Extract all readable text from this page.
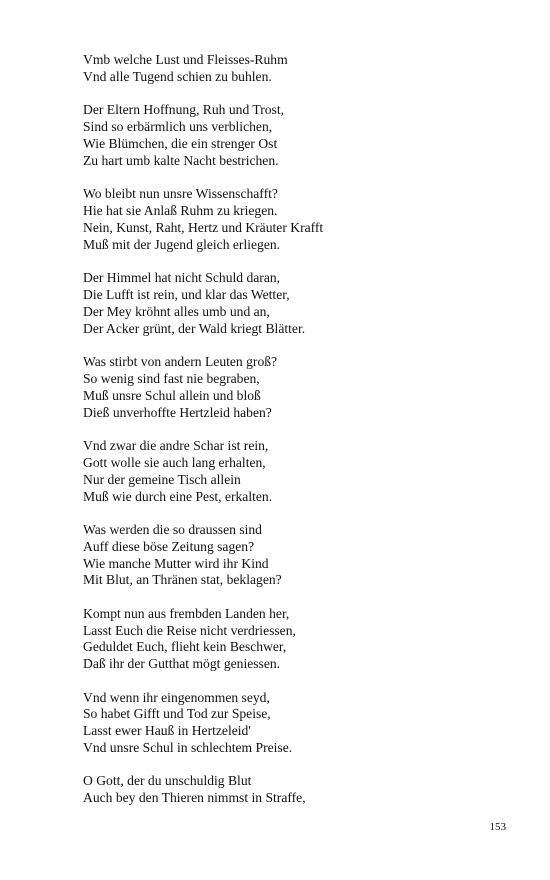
Vmb welche Lust und Fleisses-Ruhm
Vnd alle Tugend schien zu buhlen.
Der Eltern Hoffnung, Ruh und Trost,
Sind so erbärmlich uns verblichen,
Wie Blümchen, die ein strenger Ost
Zu hart umb kalte Nacht bestrichen.
Wo bleibt nun unsre Wissenschafft?
Hie hat sie Anlaß Ruhm zu kriegen.
Nein, Kunst, Raht, Hertz und Kräuter Krafft
Muß mit der Jugend gleich erliegen.
Der Himmel hat nicht Schuld daran,
Die Lufft ist rein, und klar das Wetter,
Der Mey kröhnt alles umb und an,
Der Acker grünt, der Wald kriegt Blätter.
Was stirbt von andern Leuten groß?
So wenig sind fast nie begraben,
Muß unsre Schul allein und bloß
Dieß unverhoffte Hertzleid haben?
Vnd zwar die andre Schar ist rein,
Gott wolle sie auch lang erhalten,
Nur der gemeine Tisch allein
Muß wie durch eine Pest, erkalten.
Was werden die so draussen sind
Auff diese böse Zeitung sagen?
Wie manche Mutter wird ihr Kind
Mit Blut, an Thränen stat, beklagen?
Kompt nun aus frembden Landen her,
Lasst Euch die Reise nicht verdriessen,
Geduldet Euch, flieht kein Beschwer,
Daß ihr der Gutthat mögt geniessen.
Vnd wenn ihr eingenommen seyd,
So habet Gifft und Tod zur Speise,
Lasst ewer Hauß in Hertzeleid'
Vnd unsre Schul in schlechtem Preise.
O Gott, der du unschuldig Blut
Auch bey den Thieren nimmst in Straffe,
153
